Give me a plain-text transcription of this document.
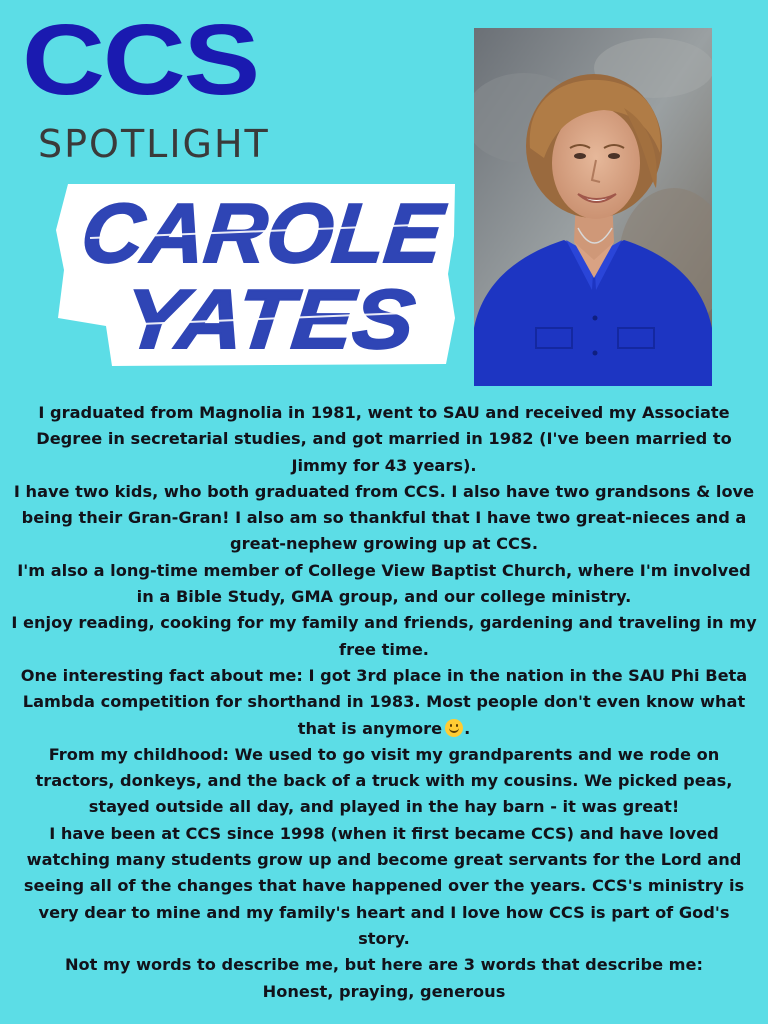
CCS
SPOTLIGHT
CAROLE
YATES

I graduated from Magnolia in 1981, went to SAU and received my Associate Degree in secretarial studies, and got married in 1982 (I've been married to Jimmy for 43 years).

I have two kids, who both graduated from CCS. I also have two grandsons & love being their Gran-Gran! I also am so thankful that I have two great-nieces and a great-nephew growing up at CCS.

I'm also a long-time member of College View Baptist Church, where I'm involved in a Bible Study, GMA group, and our college ministry.

I enjoy reading, cooking for my family and friends, gardening and traveling in my free time.

One interesting fact about me: I got 3rd place in the nation in the SAU Phi Beta Lambda competition for shorthand in 1983. Most people don't even know what that is anymore .

From my childhood: We used to go visit my grandparents and we rode on tractors, donkeys, and the back of a truck with my cousins. We picked peas, stayed outside all day, and played in the hay barn - it was great!

I have been at CCS since 1998 (when it first became CCS) and have loved watching many students grow up and become great servants for the Lord and seeing all of the changes that have happened over the years. CCS's ministry is very dear to mine and my family's heart and I love how CCS is part of God's story.

Not my words to describe me, but here are 3 words that describe me:

Honest, praying, generous
